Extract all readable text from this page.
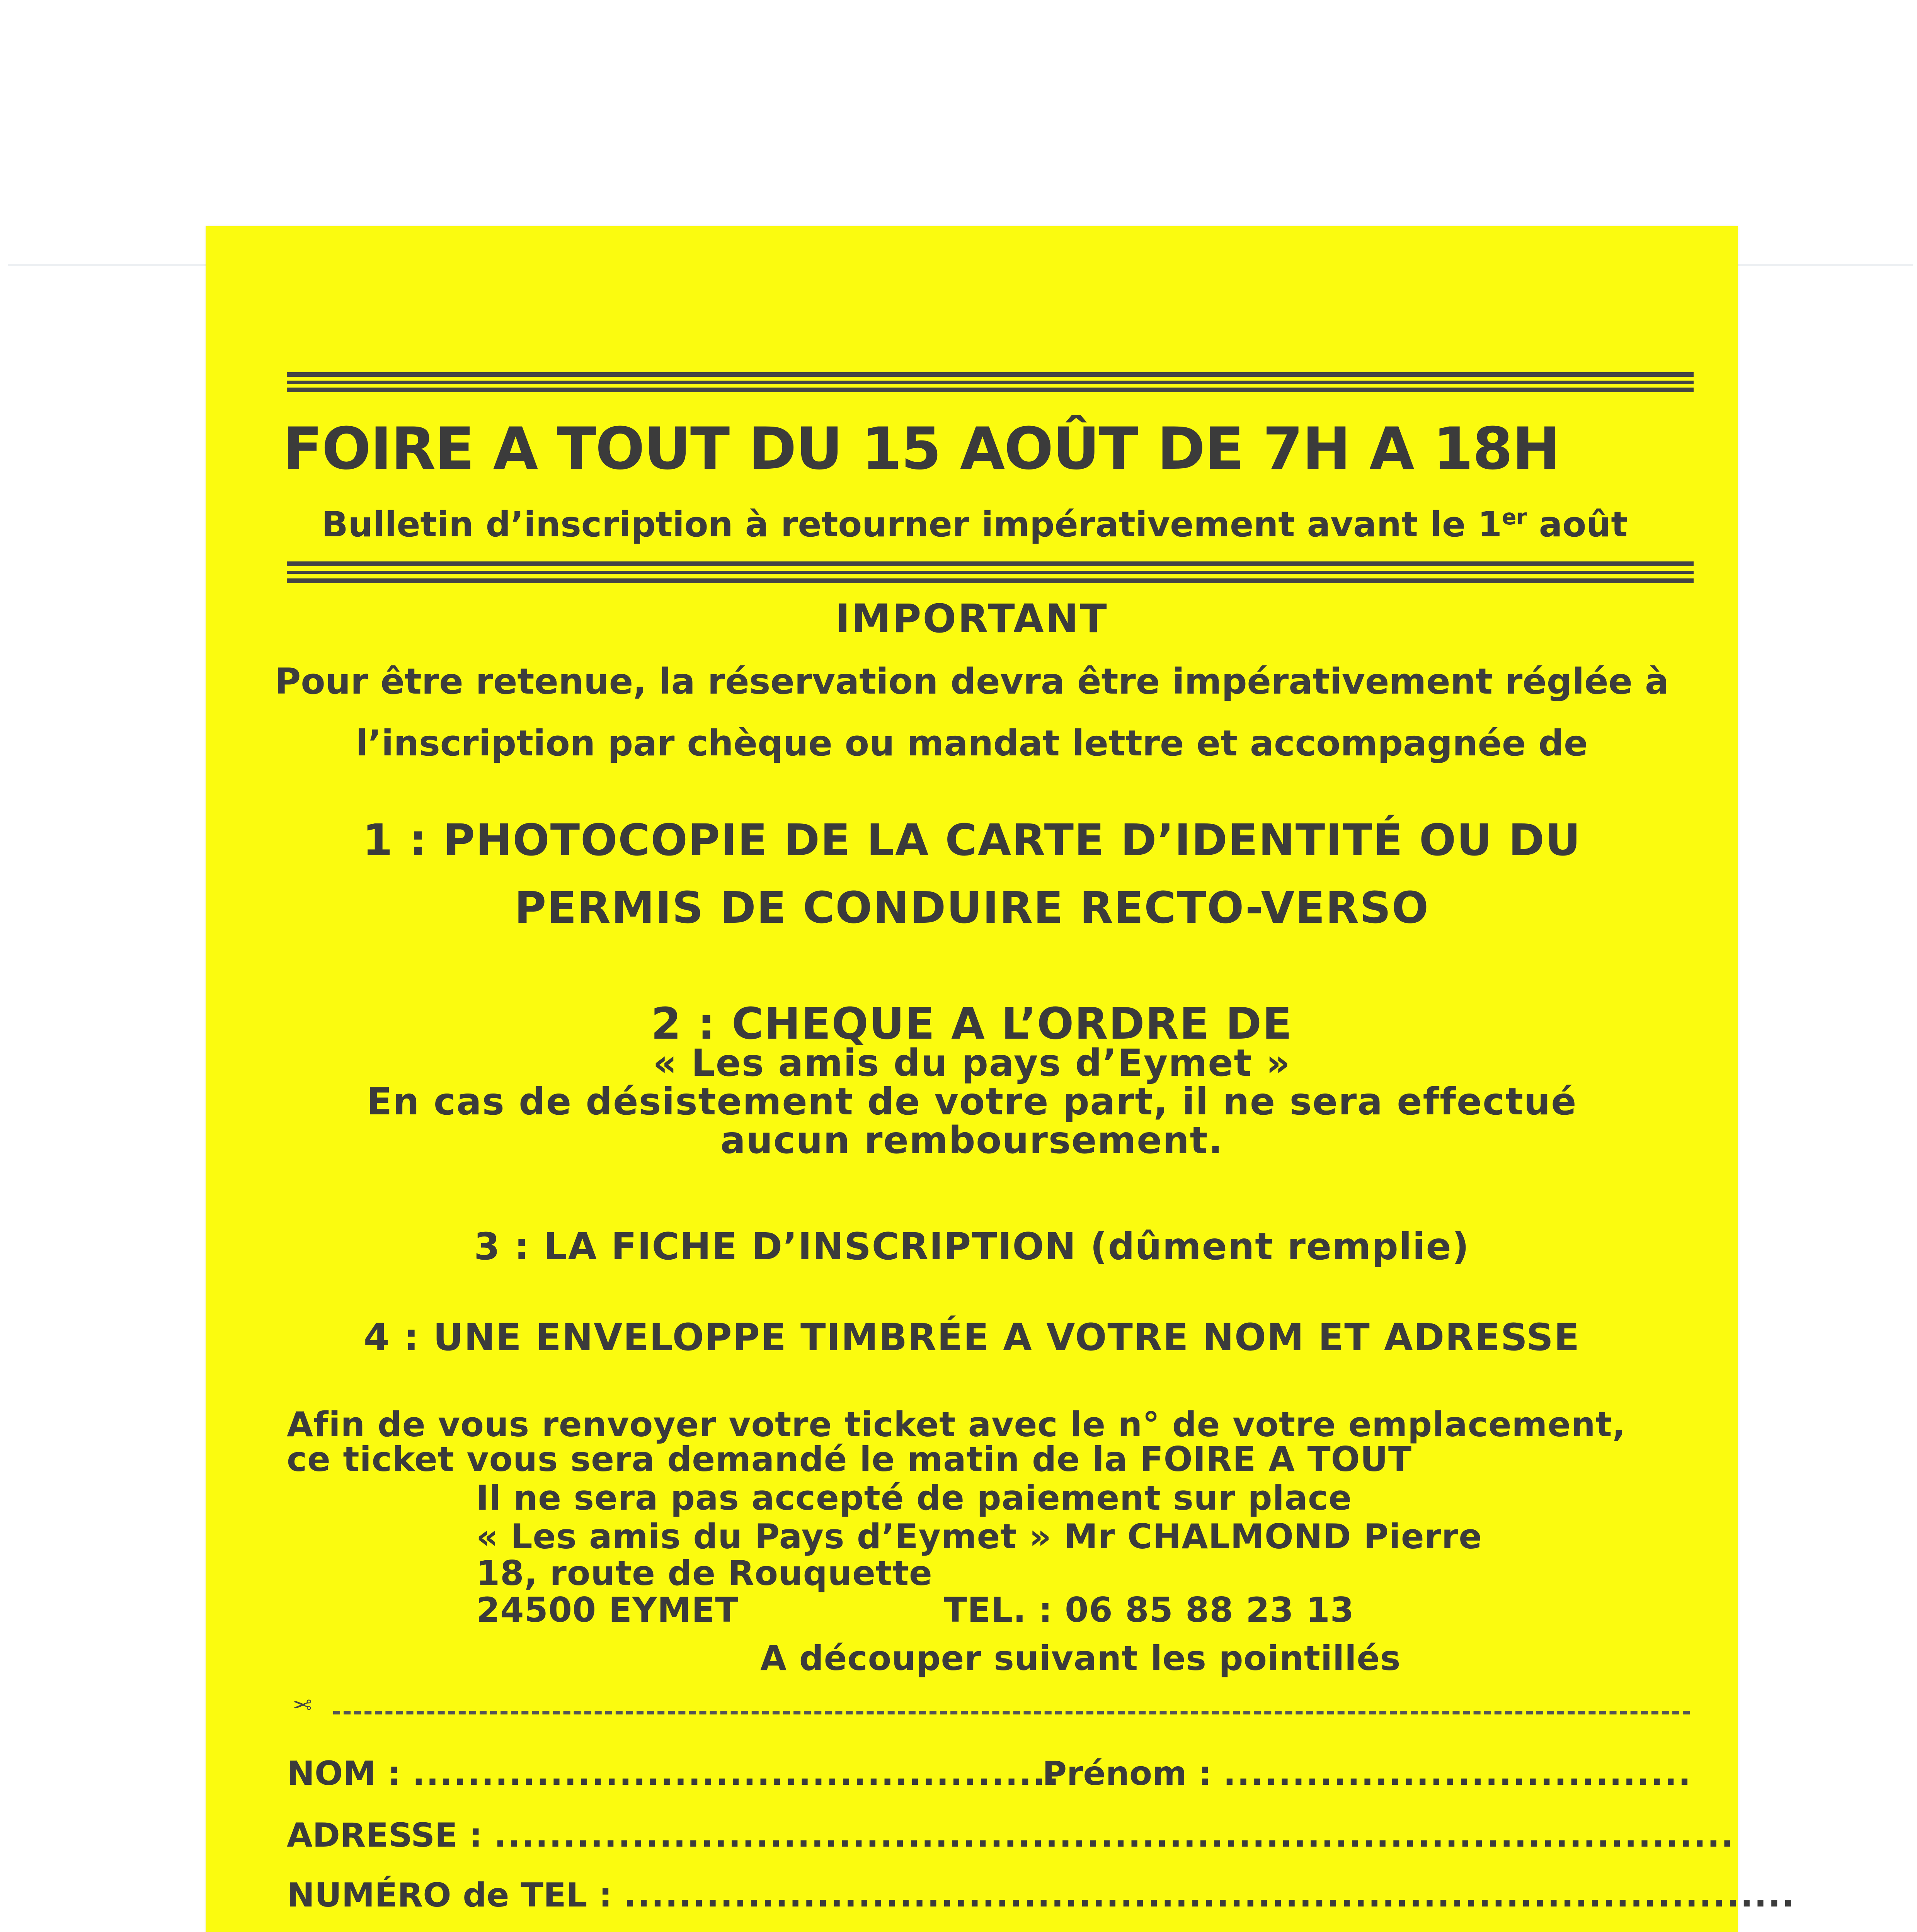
FOIRE A TOUT DU 15 AOÛT DE 7H A 18H
Bulletin d’inscription à retourner impérativement avant le 1er août
IMPORTANT
Pour être retenue, la réservation devra être impérativement réglée à
l’inscription par chèque ou mandat lettre et accompagnée de
1 : PHOTOCOPIE DE LA CARTE D’IDENTITÉ OU DU
PERMIS DE CONDUIRE RECTO-VERSO
2 : CHEQUE A L’ORDRE DE
« Les amis du pays d’Eymet »
En cas de désistement de votre part, il ne sera effectué
aucun remboursement.
3 : LA FICHE D’INSCRIPTION (dûment remplie)
4 : UNE ENVELOPPE TIMBRÉE A VOTRE NOM ET ADRESSE
Afin de vous renvoyer votre ticket avec le n° de votre emplacement,
ce ticket vous sera demandé le matin de la FOIRE A TOUT
Il ne sera pas accepté de paiement sur place
« Les amis du Pays d’Eymet » Mr CHALMOND Pierre
18, route de Rouquette
24500 EYMET	TEL. : 06 85 88 23 13
A découper suivant les pointillés
✂
NOM : ...............................................
Prénom : ..................................
ADRESSE : ..........................................................................................
NUMÉRO de TEL : .....................................................................................
